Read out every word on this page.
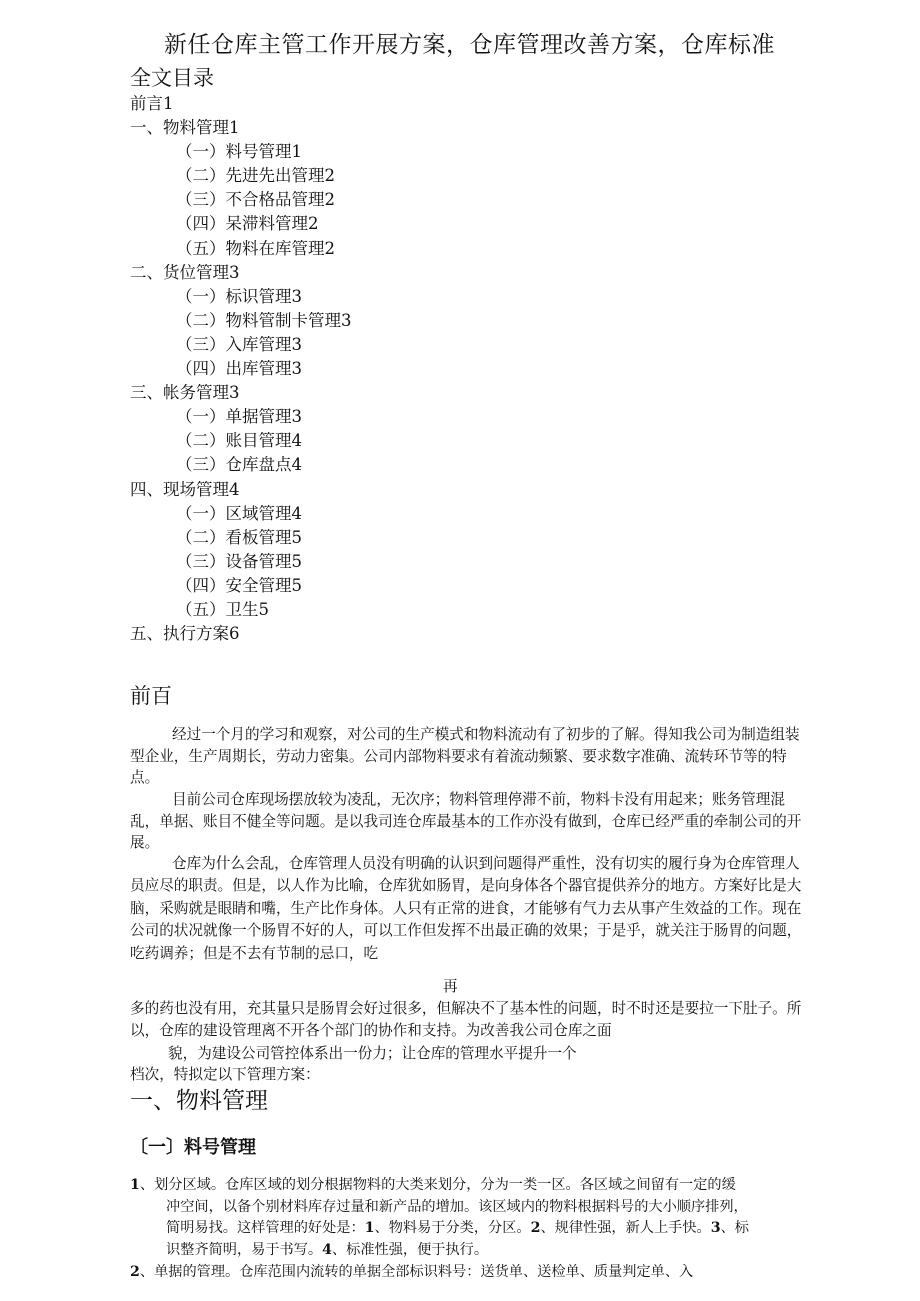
新任仓库主管工作开展方案，仓库管理改善方案，仓库标准
全文目录
前言1
一、物料管理1
（一）料号管理1
（二）先进先出管理2
（三）不合格品管理2
（四）呆滞料管理2
（五）物料在库管理2
二、货位管理3
（一）标识管理3
（二）物料管制卡管理3
（三）入库管理3
（四）出库管理3
三、帐务管理3
（一）单据管理3
（二）账目管理4
（三）仓库盘点4
四、现场管理4
（一）区域管理4
（二）看板管理5
（三）设备管理5
（四）安全管理5
（五）卫生5
五、执行方案6
前百
经过一个月的学习和观察，对公司的生产模式和物料流动有了初步的了解。得知我公司为制造组装型企业，生产周期长，劳动力密集。公司内部物料要求有着流动频繁、要求数字准确、流转环节等的特点。
目前公司仓库现场摆放较为凌乱，无次序；物料管理停滞不前，物料卡没有用起来；账务管理混乱，单据、账目不健全等问题。是以我司连仓库最基本的工作亦没有做到，仓库已经严重的牵制公司的开展。
仓库为什么会乱，仓库管理人员没有明确的认识到问题得严重性，没有切实的履行身为仓库管理人员应尽的职责。但是，以人作为比喻，仓库犹如肠胃，是向身体各个器官提供养分的地方。方案好比是大脑，采购就是眼睛和嘴，生产比作身体。人只有正常的进食，才能够有气力去从事产生效益的工作。现在公司的状况就像一个肠胃不好的人，可以工作但发挥不出最正确的效果；于是乎，就关注于肠胃的问题，吃药调养；但是不去有节制的忌口，吃
再
多的药也没有用，充其量只是肠胃会好过很多，但解决不了基本性的问题，时不时还是要拉一下肚子。所以，仓库的建设管理离不开各个部门的协作和支持。为改善我公司仓库之面
貌，为建设公司管控体系出一份力；让仓库的管理水平提升一个
档次，特拟定以下管理方案：
一、物料管理
〔一〕料号管理
1、划分区域。仓库区域的划分根据物料的大类来划分，分为一类一区。各区域之间留有一定的缓
冲空间，以备个别材料库存过量和新产品的增加。该区域内的物料根据料号的大小顺序排列，
简明易找。这样管理的好处是：1、物料易于分类，分区。2、规律性强，新人上手快。3、标
识整齐简明，易于书写。4、标准性强，便于执行。
2、单据的管理。仓库范围内流转的单据全部标识料号：送货单、送检单、质量判定单、入
